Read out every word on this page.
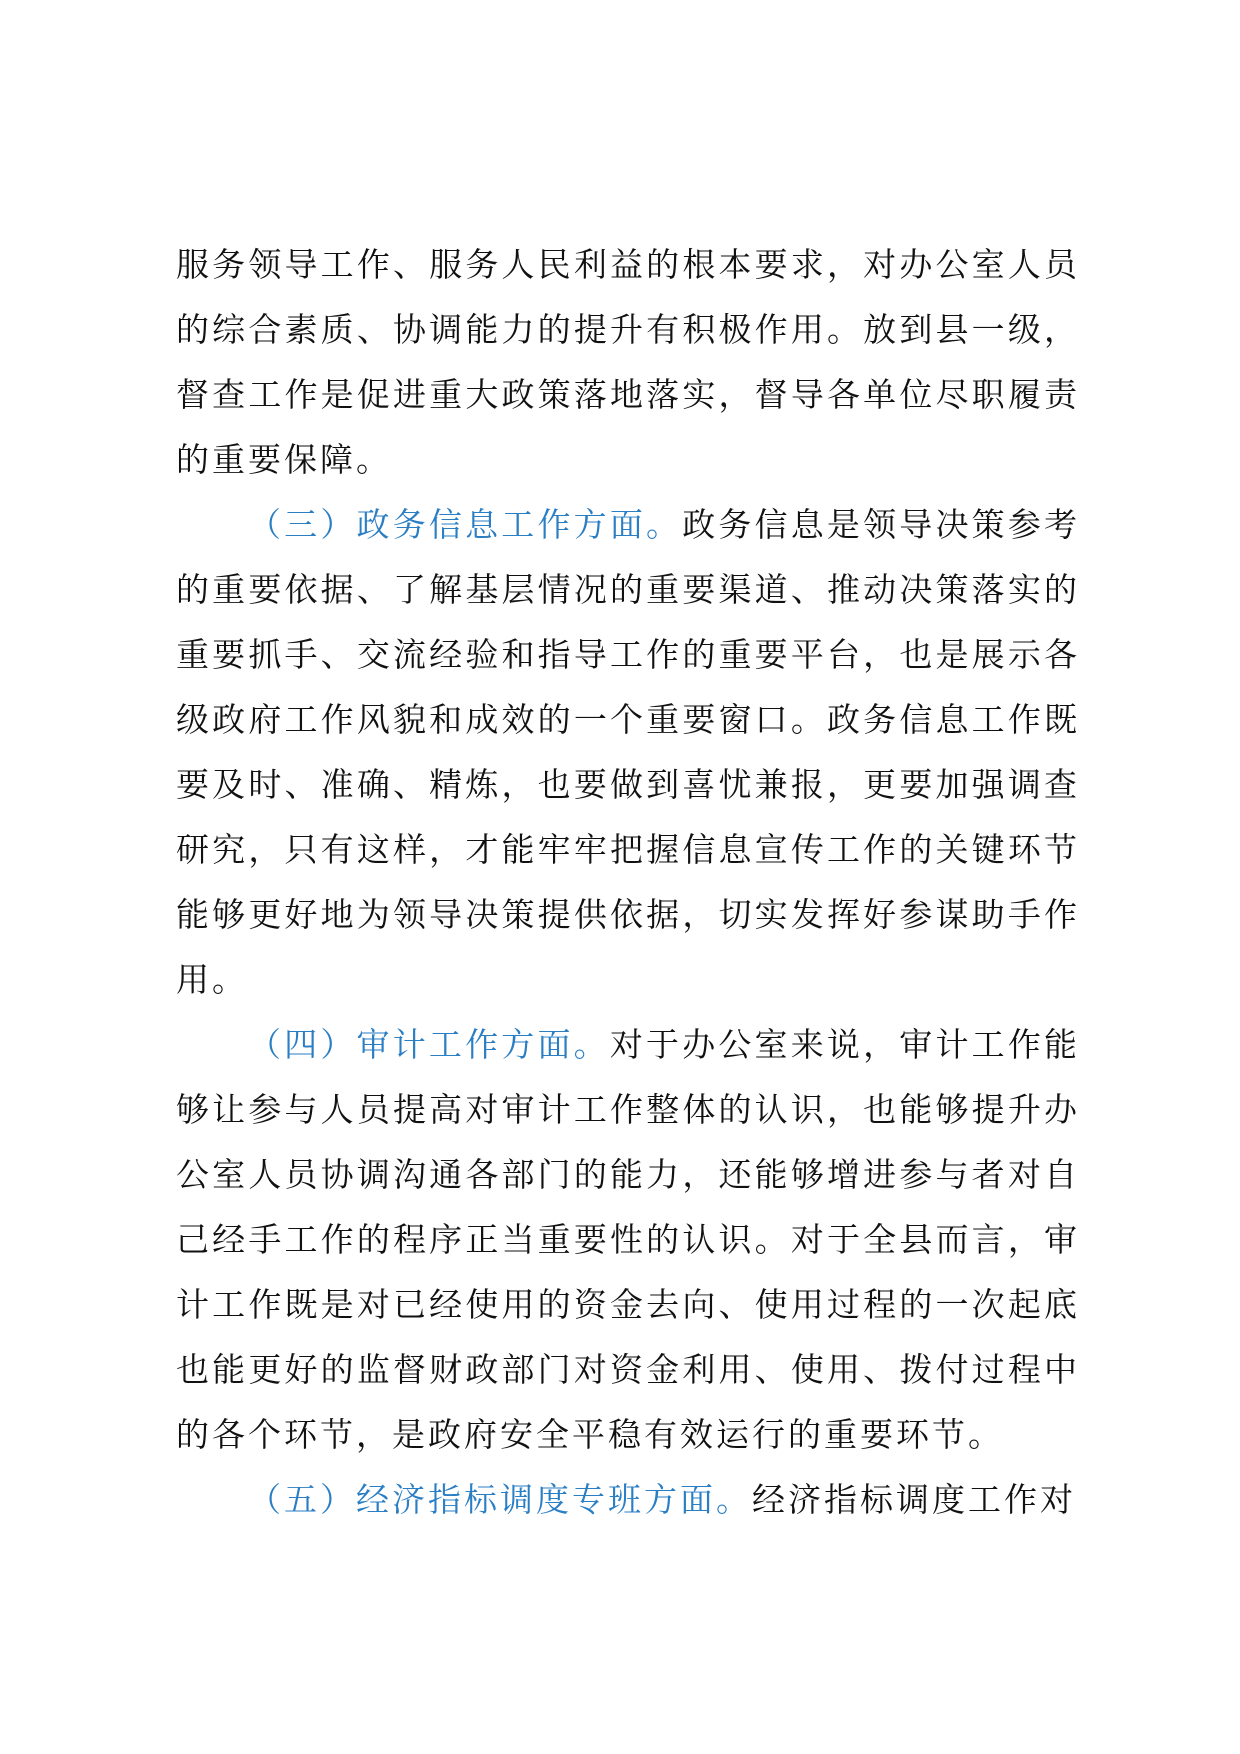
服务领导工作、服务人民利益的根本要求，对办公室人员的综合素质、协调能力的提升有积极作用。放到县一级，督查工作是促进重大政策落地落实，督导各单位尽职履责的重要保障。

（三）政务信息工作方面。政务信息是领导决策参考的重要依据、了解基层情况的重要渠道、推动决策落实的重要抓手、交流经验和指导工作的重要平台，也是展示各级政府工作风貌和成效的一个重要窗口。政务信息工作既要及时、准确、精炼，也要做到喜忧兼报，更要加强调查研究，只有这样，才能牢牢把握信息宣传工作的关键环节能够更好地为领导决策提供依据，切实发挥好参谋助手作用。

（四）审计工作方面。对于办公室来说，审计工作能够让参与人员提高对审计工作整体的认识，也能够提升办公室人员协调沟通各部门的能力，还能够增进参与者对自己经手工作的程序正当重要性的认识。对于全县而言，审计工作既是对已经使用的资金去向、使用过程的一次起底也能更好的监督财政部门对资金利用、使用、拨付过程中的各个环节，是政府安全平稳有效运行的重要环节。

（五）经济指标调度专班方面。经济指标调度工作对
